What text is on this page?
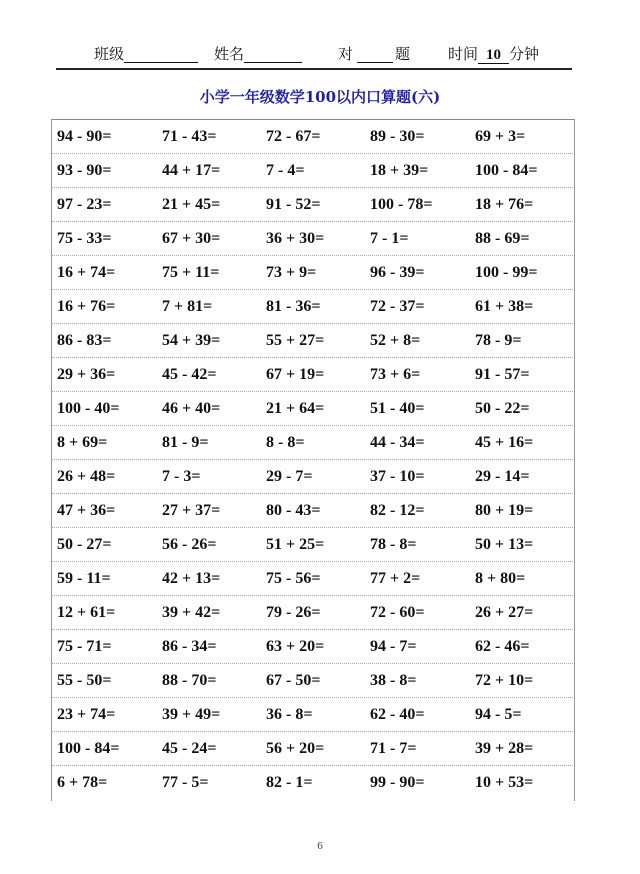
班级	姓名	对	题	时间 10 分钟
小学一年级数学100以内口算题(六)
94 - 90=	71 - 43=	72 - 67=	89 - 30=	69 + 3=
93 - 90=	44 + 17=	7 - 4=	18 + 39=	100 - 84=
97 - 23=	21 + 45=	91 - 52=	100 - 78=	18 + 76=
75 - 33=	67 + 30=	36 + 30=	7 - 1=	88 - 69=
16 + 74=	75 + 11=	73 + 9=	96 - 39=	100 - 99=
16 + 76=	7 + 81=	81 - 36=	72 - 37=	61 + 38=
86 - 83=	54 + 39=	55 + 27=	52 + 8=	78 - 9=
29 + 36=	45 - 42=	67 + 19=	73 + 6=	91 - 57=
100 - 40=	46 + 40=	21 + 64=	51 - 40=	50 - 22=
8 + 69=	81 - 9=	8 - 8=	44 - 34=	45 + 16=
26 + 48=	7 - 3=	29 - 7=	37 - 10=	29 - 14=
47 + 36=	27 + 37=	80 - 43=	82 - 12=	80 + 19=
50 - 27=	56 - 26=	51 + 25=	78 - 8=	50 + 13=
59 - 11=	42 + 13=	75 - 56=	77 + 2=	8 + 80=
12 + 61=	39 + 42=	79 - 26=	72 - 60=	26 + 27=
75 - 71=	86 - 34=	63 + 20=	94 - 7=	62 - 46=
55 - 50=	88 - 70=	67 - 50=	38 - 8=	72 + 10=
23 + 74=	39 + 49=	36 - 8=	62 - 40=	94 - 5=
100 - 84=	45 - 24=	56 + 20=	71 - 7=	39 + 28=
6 + 78=	77 - 5=	82 - 1=	99 - 90=	10 + 53=
6
